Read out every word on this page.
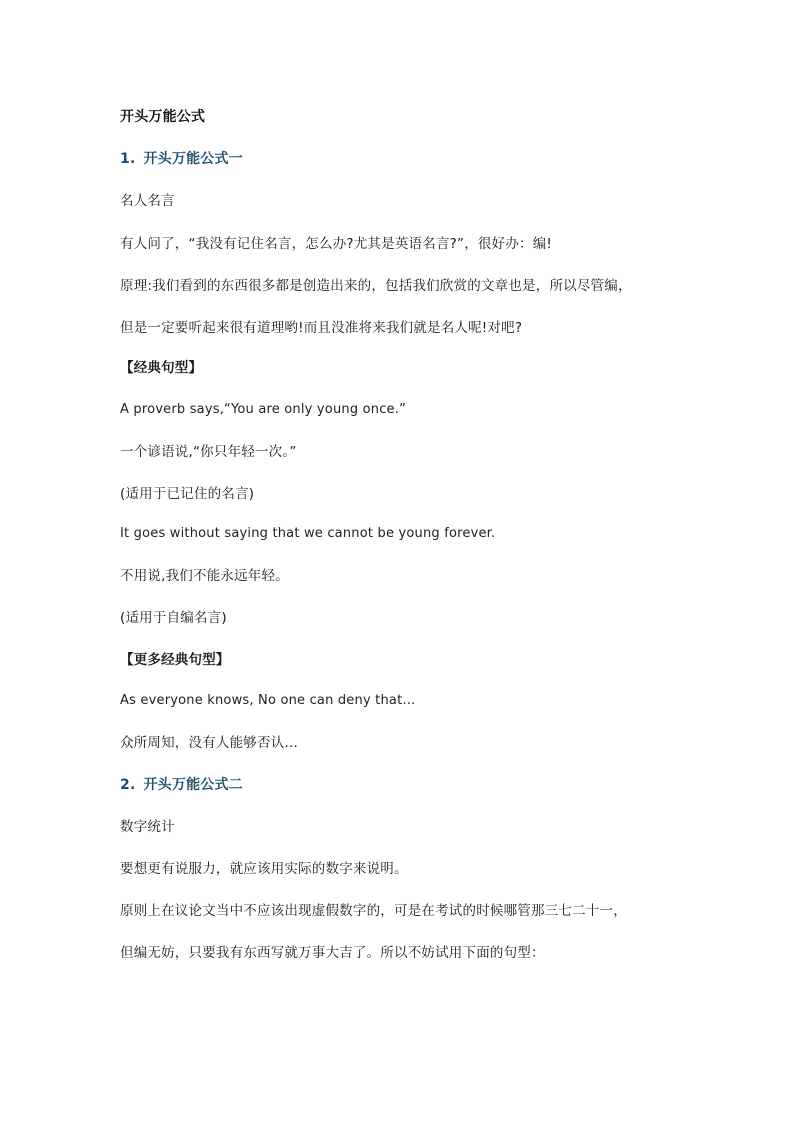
开头万能公式
1. 开头万能公式一
名人名言
有人问了，“我没有记住名言，怎么办?尤其是英语名言?”，很好办：编!
原理:我们看到的东西很多都是创造出来的，包括我们欣赏的文章也是，所以尽管编，
但是一定要听起来很有道理哟!而且没准将来我们就是名人呢!对吧?
【经典句型】
A proverb says,“You are only young once.”
一个谚语说,“你只年轻一次。”
(适用于已记住的名言)
It goes without saying that we cannot be young forever.
不用说,我们不能永远年轻。
(适用于自编名言)
【更多经典句型】
As everyone knows, No one can deny that…
众所周知，没有人能够否认…
2. 开头万能公式二
数字统计
要想更有说服力，就应该用实际的数字来说明。
原则上在议论文当中不应该出现虚假数字的，可是在考试的时候哪管那三七二十一，
但编无妨，只要我有东西写就万事大吉了。所以不妨试用下面的句型：
